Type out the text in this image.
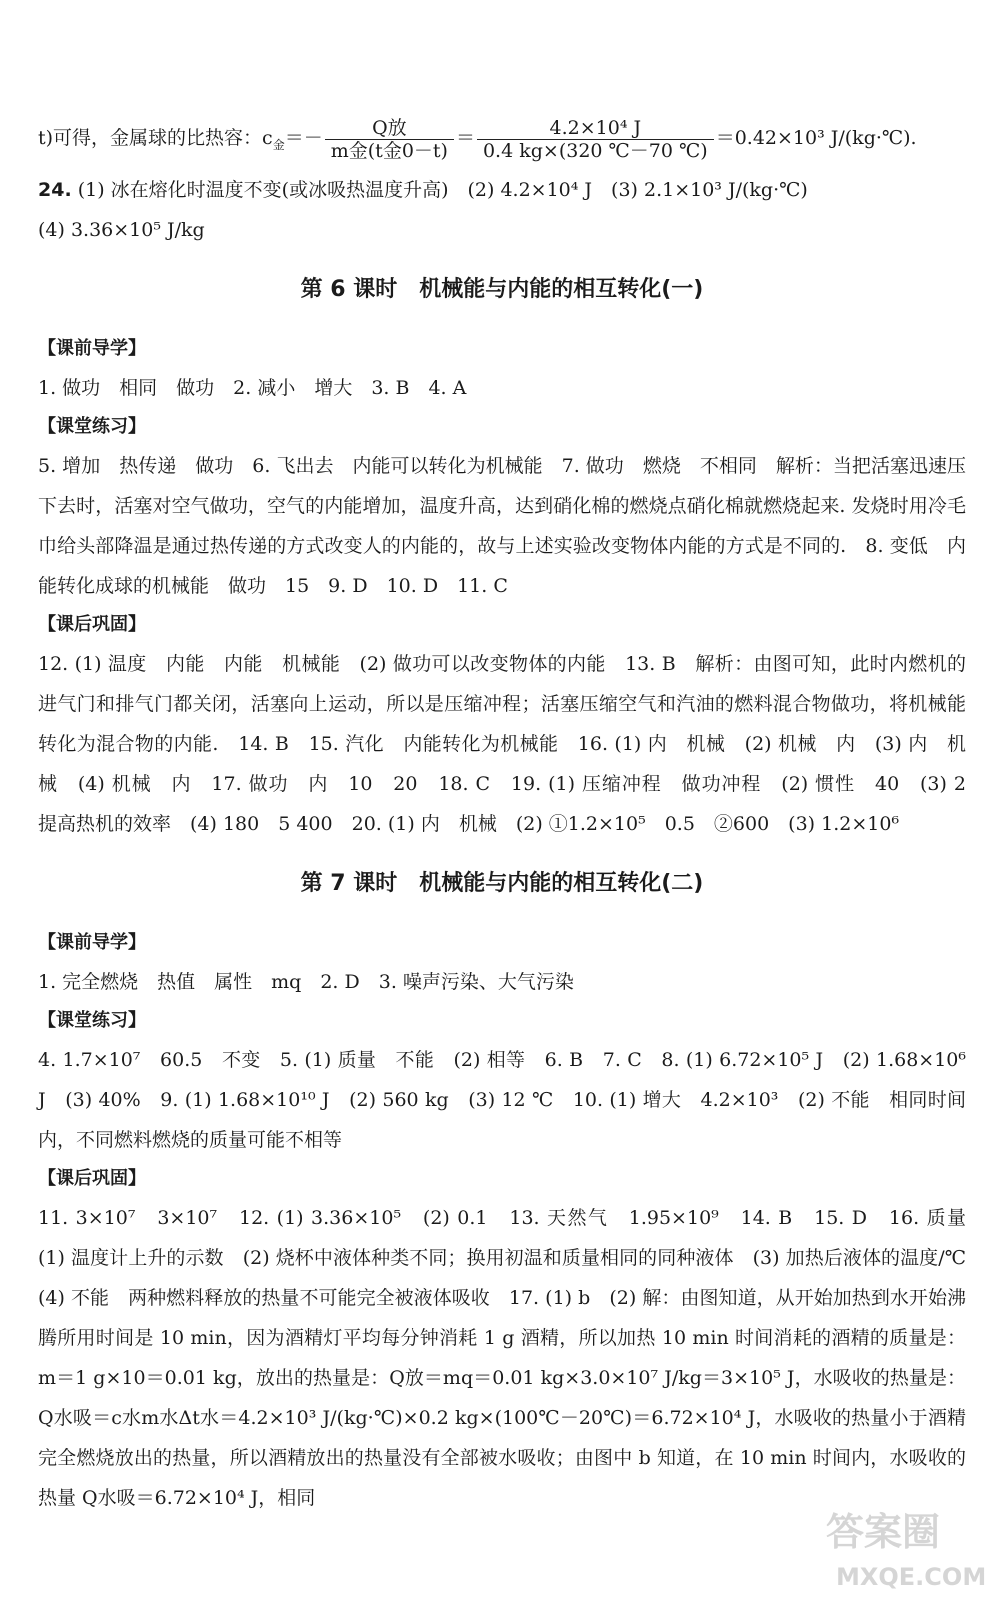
t)可得，金属球的比热容：$c_金=- \frac{\text{Q放}}{\text{m金(t金0－t)}} = \frac{\text{4.2×10⁴ J}}{0.4 kg\times(320 ℃-70 ℃)} =0.42\times 10^3$ J/(kg·℃).

24. (1) 冰在熔化时温度不变(或冰吸热温度升高)　(2) 4.2×10⁴ J　(3) 2.1×10³ J/(kg·℃)

(4) 3.36×10⁵ J/kg

第 6 课时　机械能与内能的相互转化(一)

【课前导学】

1. 做功　相同　做功　2. 减小　增大　3. B　4. A

【课堂练习】

5. 增加　热传递　做功　6. 飞出去　内能可以转化为机械能　7. 做功　燃烧　不相同　解析：当把活塞迅速压下去时，活塞对空气做功，空气的内能增加，温度升高，达到硝化棉的燃烧点硝化棉就燃烧起来. 发烧时用冷毛巾给头部降温是通过热传递的方式改变人的内能的，故与上述实验改变物体内能的方式是不同的.　8. 变低　内能转化成球的机械能　做功　15　9. D　10. D　11. C

【课后巩固】

12. (1) 温度　内能　内能　机械能　(2) 做功可以改变物体的内能　13. B　解析：由图可知，此时内燃机的进气门和排气门都关闭，活塞向上运动，所以是压缩冲程；活塞压缩空气和汽油的燃料混合物做功，将机械能转化为混合物的内能.　14. B　15. 汽化　内能转化为机械能　16. (1) 内　机械　(2) 机械　内　(3) 内　机械　(4) 机械　内　17. 做功　内　10　20　18. C　19. (1) 压缩冲程　做功冲程　(2) 惯性　40　(3) 2　提高热机的效率　(4) 180　5 400　20. (1) 内　机械　(2) ①1.2×10⁵　0.5　②600　(3) 1.2×10⁶

第 7 课时　机械能与内能的相互转化(二)

【课前导学】

1. 完全燃烧　热值　属性　mq　2. D　3. 噪声污染、大气污染

【课堂练习】

4. 1.7×10⁷　60.5　不变　5. (1) 质量　不能　(2) 相等　6. B　7. C　8. (1) 6.72×10⁵ J　(2) 1.68×10⁶ J　(3) 40%　9. (1) 1.68×10¹⁰ J　(2) 560 kg　(3) 12 ℃　10. (1) 增大　4.2×10³　(2) 不能　相同时间内，不同燃料燃烧的质量可能不相等

【课后巩固】

11. 3×10⁷　3×10⁷　12. (1) 3.36×10⁵　(2) 0.1　13. 天然气　1.95×10⁹　14. B　15. D　16. 质量　(1) 温度计上升的示数　(2) 烧杯中液体种类不同；换用初温和质量相同的同种液体　(3) 加热后液体的温度/℃　(4) 不能　两种燃料释放的热量不可能完全被液体吸收　17. (1) b　(2) 解：由图知道，从开始加热到水开始沸腾所用时间是 10 min，因为酒精灯平均每分钟消耗 1 g 酒精，所以加热 10 min 时间消耗的酒精的质量是：m＝1 g×10＝0.01 kg，放出的热量是：Q放＝mq＝0.01 kg×3.0×10⁷ J/kg＝3×10⁵ J，水吸收的热量是：Q水吸＝c水m水Δt水＝4.2×10³ J/(kg·℃)×0.2 kg×(100℃－20℃)＝6.72×10⁴ J，水吸收的热量小于酒精完全燃烧放出的热量，所以酒精放出的热量没有全部被水吸收；由图中 b 知道，在 10 min 时间内，水吸收的热量 Q水吸＝6.72×10⁴ J，相同

答案圈
MXQE.COM
